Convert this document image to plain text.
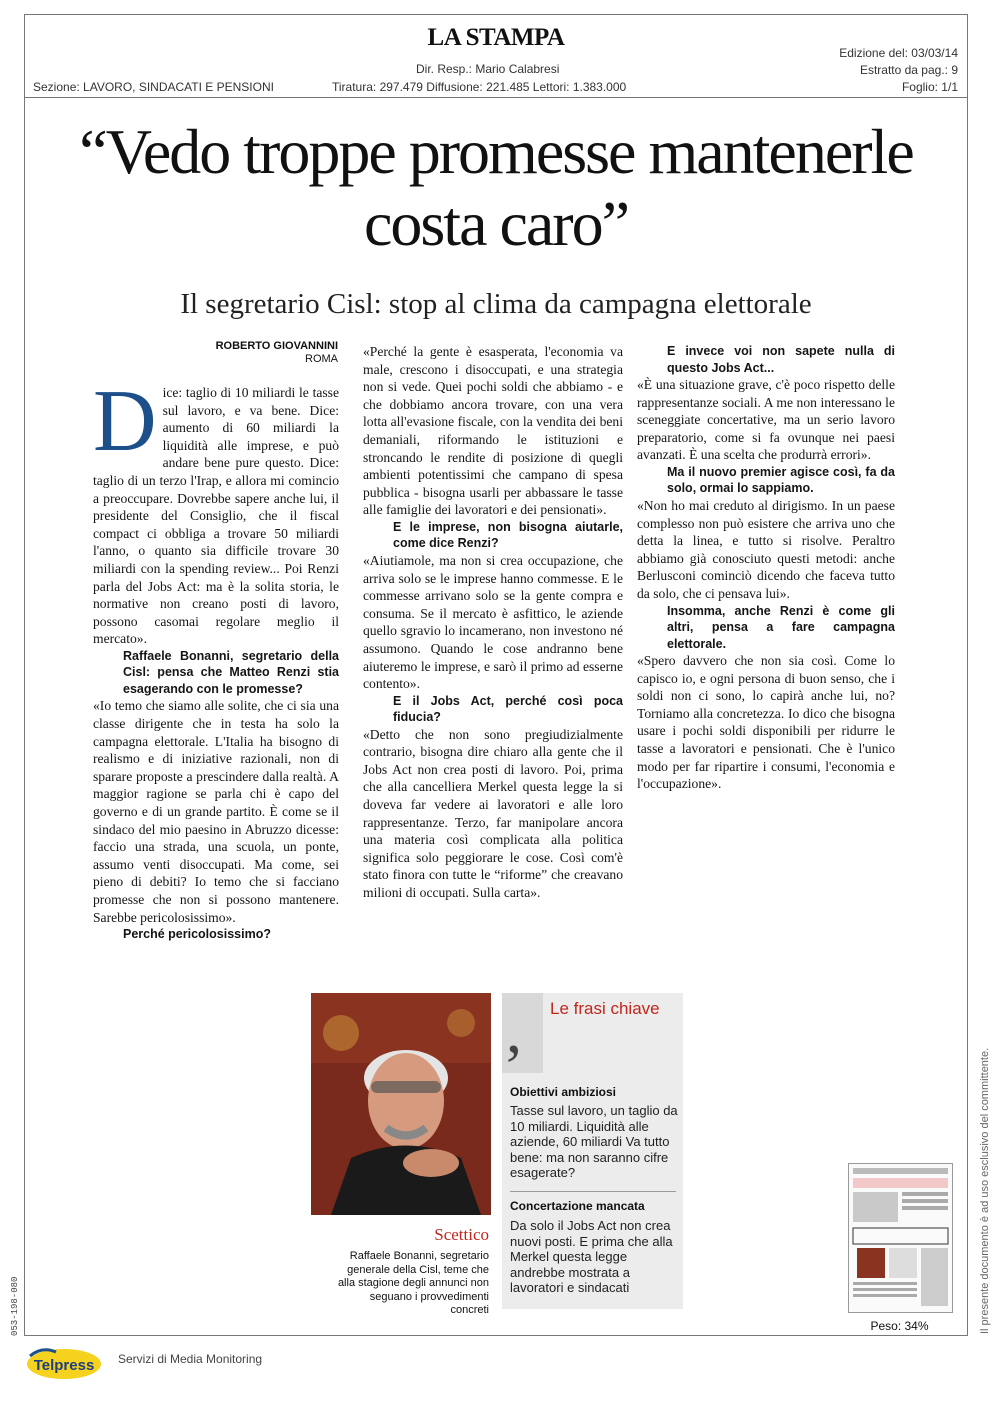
LA STAMPA
Dir. Resp.: Mario Calabresi
Sezione: LAVORO, SINDACATI E PENSIONI	Tiratura: 297.479 Diffusione: 221.485 Lettori: 1.383.000
Edizione del: 03/03/14
Estratto da pag.: 9
Foglio: 1/1
“Vedo troppe promesse mantenerle costa caro”
Il segretario Cisl: stop al clima da campagna elettorale
ROBERTO GIOVANNINI
ROMA

Dice: taglio di 10 miliardi le tasse sul lavoro, e va bene. Dice: aumento di 60 miliardi la liquidità alle imprese, e può andare bene pure questo. Dice: taglio di un terzo l'Irap, e allora mi comincio a preoccupare. Dovrebbe sapere anche lui, il presidente del Consiglio, che il fiscal compact ci obbliga a trovare 50 miliardi l'anno, o quanto sia difficile trovare 30 miliardi con la spending review... Poi Renzi parla del Jobs Act: ma è la solita storia, le normative non creano posti di lavoro, possono casomai regolare meglio il mercato».

Raffaele Bonanni, segretario della Cisl: pensa che Matteo Renzi stia esagerando con le promesse?

«Io temo che siamo alle solite, che ci sia una classe dirigente che in testa ha solo la campagna elettorale. L'Italia ha bisogno di realismo e di iniziative razionali, non di sparare proposte a prescindere dalla realtà. A maggior ragione se parla chi è capo del governo e di un grande partito. È come se il sindaco del mio paesino in Abruzzo dicesse: faccio una strada, una scuola, un ponte, assumo venti disoccupati. Ma come, sei pieno di debiti? Io temo che si facciano promesse che non si possono mantenere. Sarebbe pericolosissimo».

Perché pericolosissimo?

«Perché la gente è esasperata, l'economia va male, crescono i disoccupati, e una strategia non si vede. Quei pochi soldi che abbiamo - e che dobbiamo ancora trovare, con una vera lotta all'evasione fiscale, con la vendita dei beni demaniali, riformando le istituzioni e stroncando le rendite di posizione di quegli ambienti potentissimi che campano di spesa pubblica - bisogna usarli per abbassare le tasse alle famiglie dei lavoratori e dei pensionati».

E le imprese, non bisogna aiutarle, come dice Renzi?

«Aiutiamole, ma non si crea occupazione, che arriva solo se le imprese hanno commesse. E le commesse arrivano solo se la gente compra e consuma. Se il mercato è asfittico, le aziende quello sgravio lo incamerano, non investono né assumono. Quando le cose andranno bene aiuteremo le imprese, e sarò il primo ad esserne contento».

E il Jobs Act, perché così poca fiducia?

«Detto che non sono pregiudizialmente contrario, bisogna dire chiaro alla gente che il Jobs Act non crea posti di lavoro. Poi, prima che alla cancelliera Merkel questa legge la si doveva far vedere ai lavoratori e alle loro rappresentanze. Terzo, far manipolare ancora una materia così complicata alla politica significa solo peggiorare le cose. Così com'è stato finora con tutte le “riforme” che creavano milioni di occupati. Sulla carta».

E invece voi non sapete nulla di questo Jobs Act...

«È una situazione grave, c'è poco rispetto delle rappresentanze sociali. A me non interessano le sceneggiate concertative, ma un serio lavoro preparatorio, come si fa ovunque nei paesi avanzati. È una scelta che produrrà errori».

Ma il nuovo premier agisce così, fa da solo, ormai lo sappiamo.

«Non ho mai creduto al dirigismo. In un paese complesso non può esistere che arriva uno che detta la linea, e tutto si risolve. Peraltro abbiamo già conosciuto questi metodi: anche Berlusconi cominciò dicendo che faceva tutto da solo, che ci pensava lui».

Insomma, anche Renzi è come gli altri, pensa a fare campagna elettorale.

«Spero davvero che non sia così. Come lo capisco io, e ogni persona di buon senso, che i soldi non ci sono, lo capirà anche lui, no? Torniamo alla concretezza. Io dico che bisogna usare i pochi soldi disponibili per ridurre le tasse a lavoratori e pensionati. Che è l'unico modo per far ripartire i consumi, l'economia e l'occupazione».

Scettico
Raffaele Bonanni, segretario generale della Cisl, teme che alla stagione degli annunci non seguano i provvedimenti concreti
, Le frasi chiave
Obiettivi ambiziosi
Tasse sul lavoro, un taglio da 10 miliardi. Liquidità alle aziende, 60 miliardi Va tutto bene: ma non saranno cifre esagerate?
Concertazione mancata
Da solo il Jobs Act non crea nuovi posti. E prima che alla Merkel questa legge andrebbe mostrata a lavoratori e sindacati
Peso: 34%	Il presente documento è ad uso esclusivo del committente.
053-198-080
Telpress Servizi di Media Monitoring
